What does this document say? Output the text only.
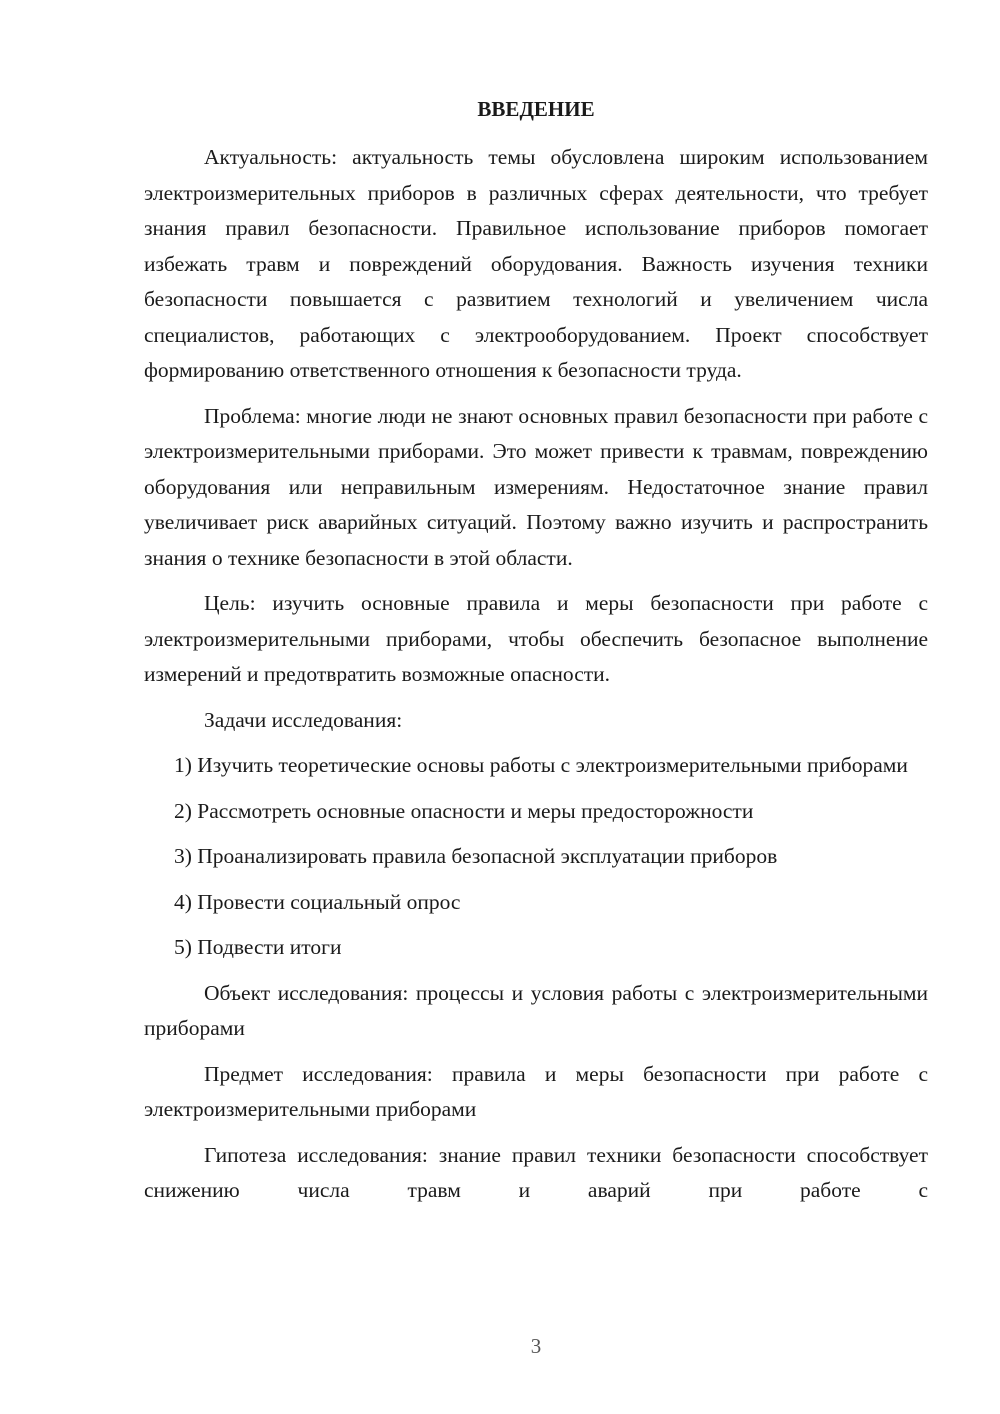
ВВЕДЕНИЕ

Актуальность: актуальность темы обусловлена широким использованием электроизмерительных приборов в различных сферах деятельности, что требует знания правил безопасности. Правильное использование приборов помогает избежать травм и повреждений оборудования. Важность изучения техники безопасности повышается с развитием технологий и увеличением числа специалистов, работающих с электрооборудованием. Проект способствует формированию ответственного отношения к безопасности труда.

Проблема: многие люди не знают основных правил безопасности при работе с электроизмерительными приборами. Это может привести к травмам, повреждению оборудования или неправильным измерениям. Недостаточное знание правил увеличивает риск аварийных ситуаций. Поэтому важно изучить и распространить знания о технике безопасности в этой области.

Цель: изучить основные правила и меры безопасности при работе с электроизмерительными приборами, чтобы обеспечить безопасное выполнение измерений и предотвратить возможные опасности.

Задачи исследования:

1) Изучить теоретические основы работы с электроизмерительными приборами

2) Рассмотреть основные опасности и меры предосторожности

3) Проанализировать правила безопасной эксплуатации приборов

4) Провести социальный опрос

5) Подвести итоги

Объект исследования: процессы и условия работы с электроизмерительными приборами

Предмет исследования: правила и меры безопасности при работе с электроизмерительными приборами

Гипотеза исследования: знание правил техники безопасности способствует снижению числа травм и аварий при работе с

3
